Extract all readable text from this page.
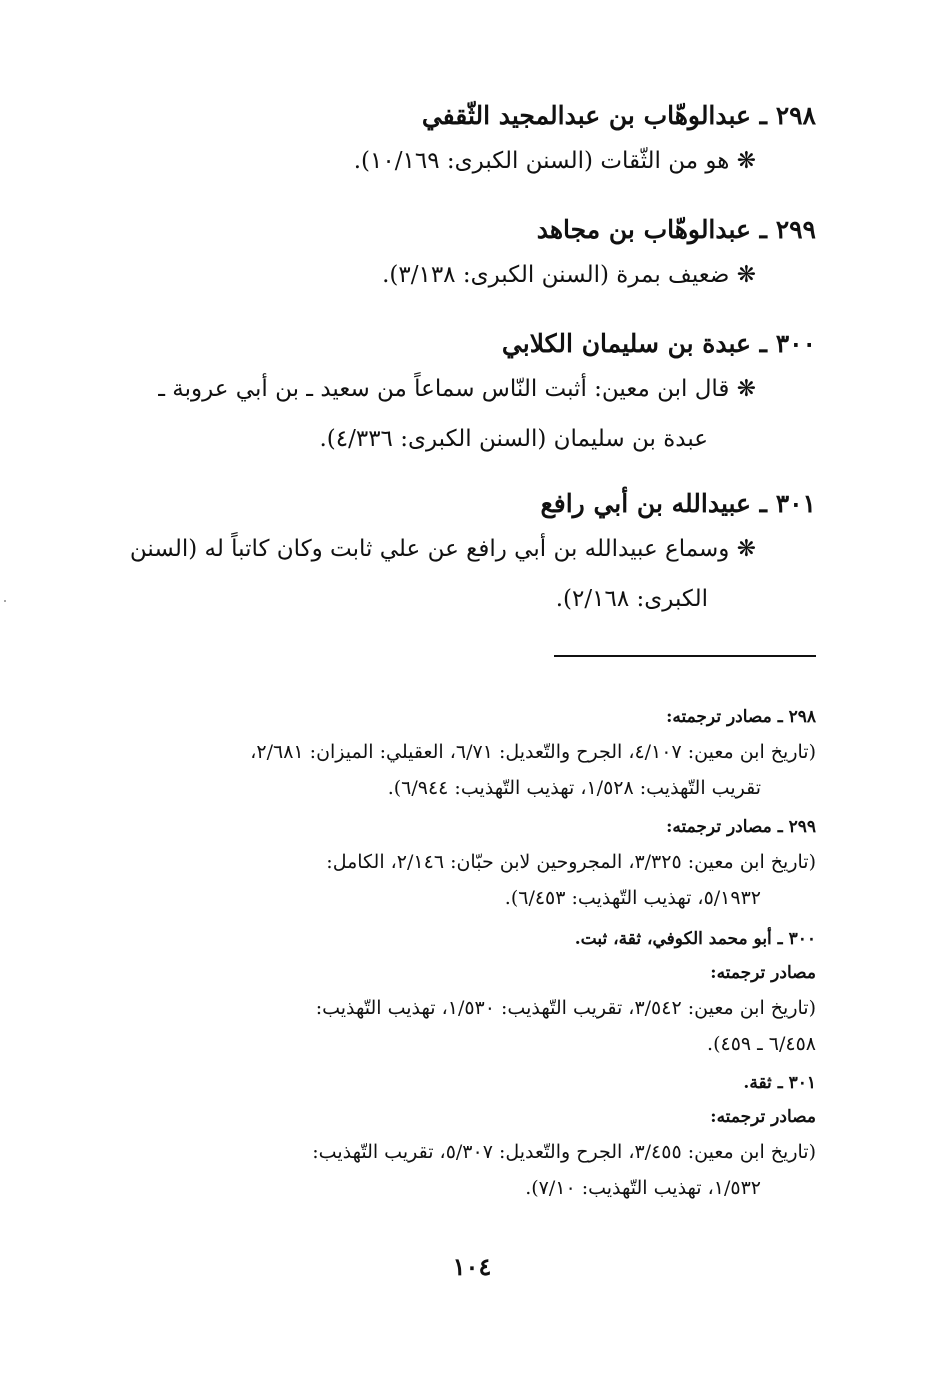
٢٩٨ ـ عبدالوهّاب بن عبدالمجيد الثّقفي
❋ هو من الثّقات (السنن الكبرى: ١٠/١٦٩).
٢٩٩ ـ عبدالوهّاب بن مجاهد
❋ ضعيف بمرة (السنن الكبرى: ٣/١٣٨).
٣٠٠ ـ عبدة بن سليمان الكلابي
❋ قال ابن معين: أثبت النّاس سماعاً من سعيد ـ بن أبي عروبة ـ
عبدة بن سليمان (السنن الكبرى: ٤/٣٣٦).
٣٠١ ـ عبيدالله بن أبي رافع
❋ وسماع عبيدالله بن أبي رافع عن علي ثابت وكان كاتباً له (السنن
الكبرى: ٢/١٦٨).
٢٩٨ ـ مصادر ترجمته:
(تاريخ ابن معين: ٤/١٠٧، الجرح والتّعديل: ٦/٧١، العقيلي: الميزان: ٢/٦٨١،
تقريب التّهذيب: ١/٥٢٨، تهذيب التّهذيب: ٦/٩٤٤).
٢٩٩ ـ مصادر ترجمته:
(تاريخ ابن معين: ٣/٣٢٥، المجروحين لابن حبّان: ٢/١٤٦، الكامل:
٥/١٩٣٢، تهذيب التّهذيب: ٦/٤٥٣).
٣٠٠ ـ أبو محمد الكوفي، ثقة، ثبت.
مصادر ترجمته:
(تاريخ ابن معين: ٣/٥٤٢، تقريب التّهذيب: ١/٥٣٠، تهذيب التّهذيب:
٦/٤٥٨ ـ ٤٥٩).
٣٠١ ـ ثقة.
مصادر ترجمته:
(تاريخ ابن معين: ٣/٤٥٥، الجرح والتّعديل: ٥/٣٠٧، تقريب التّهذيب:
١/٥٣٢، تهذيب التّهذيب: ٧/١٠).
١٠٤
